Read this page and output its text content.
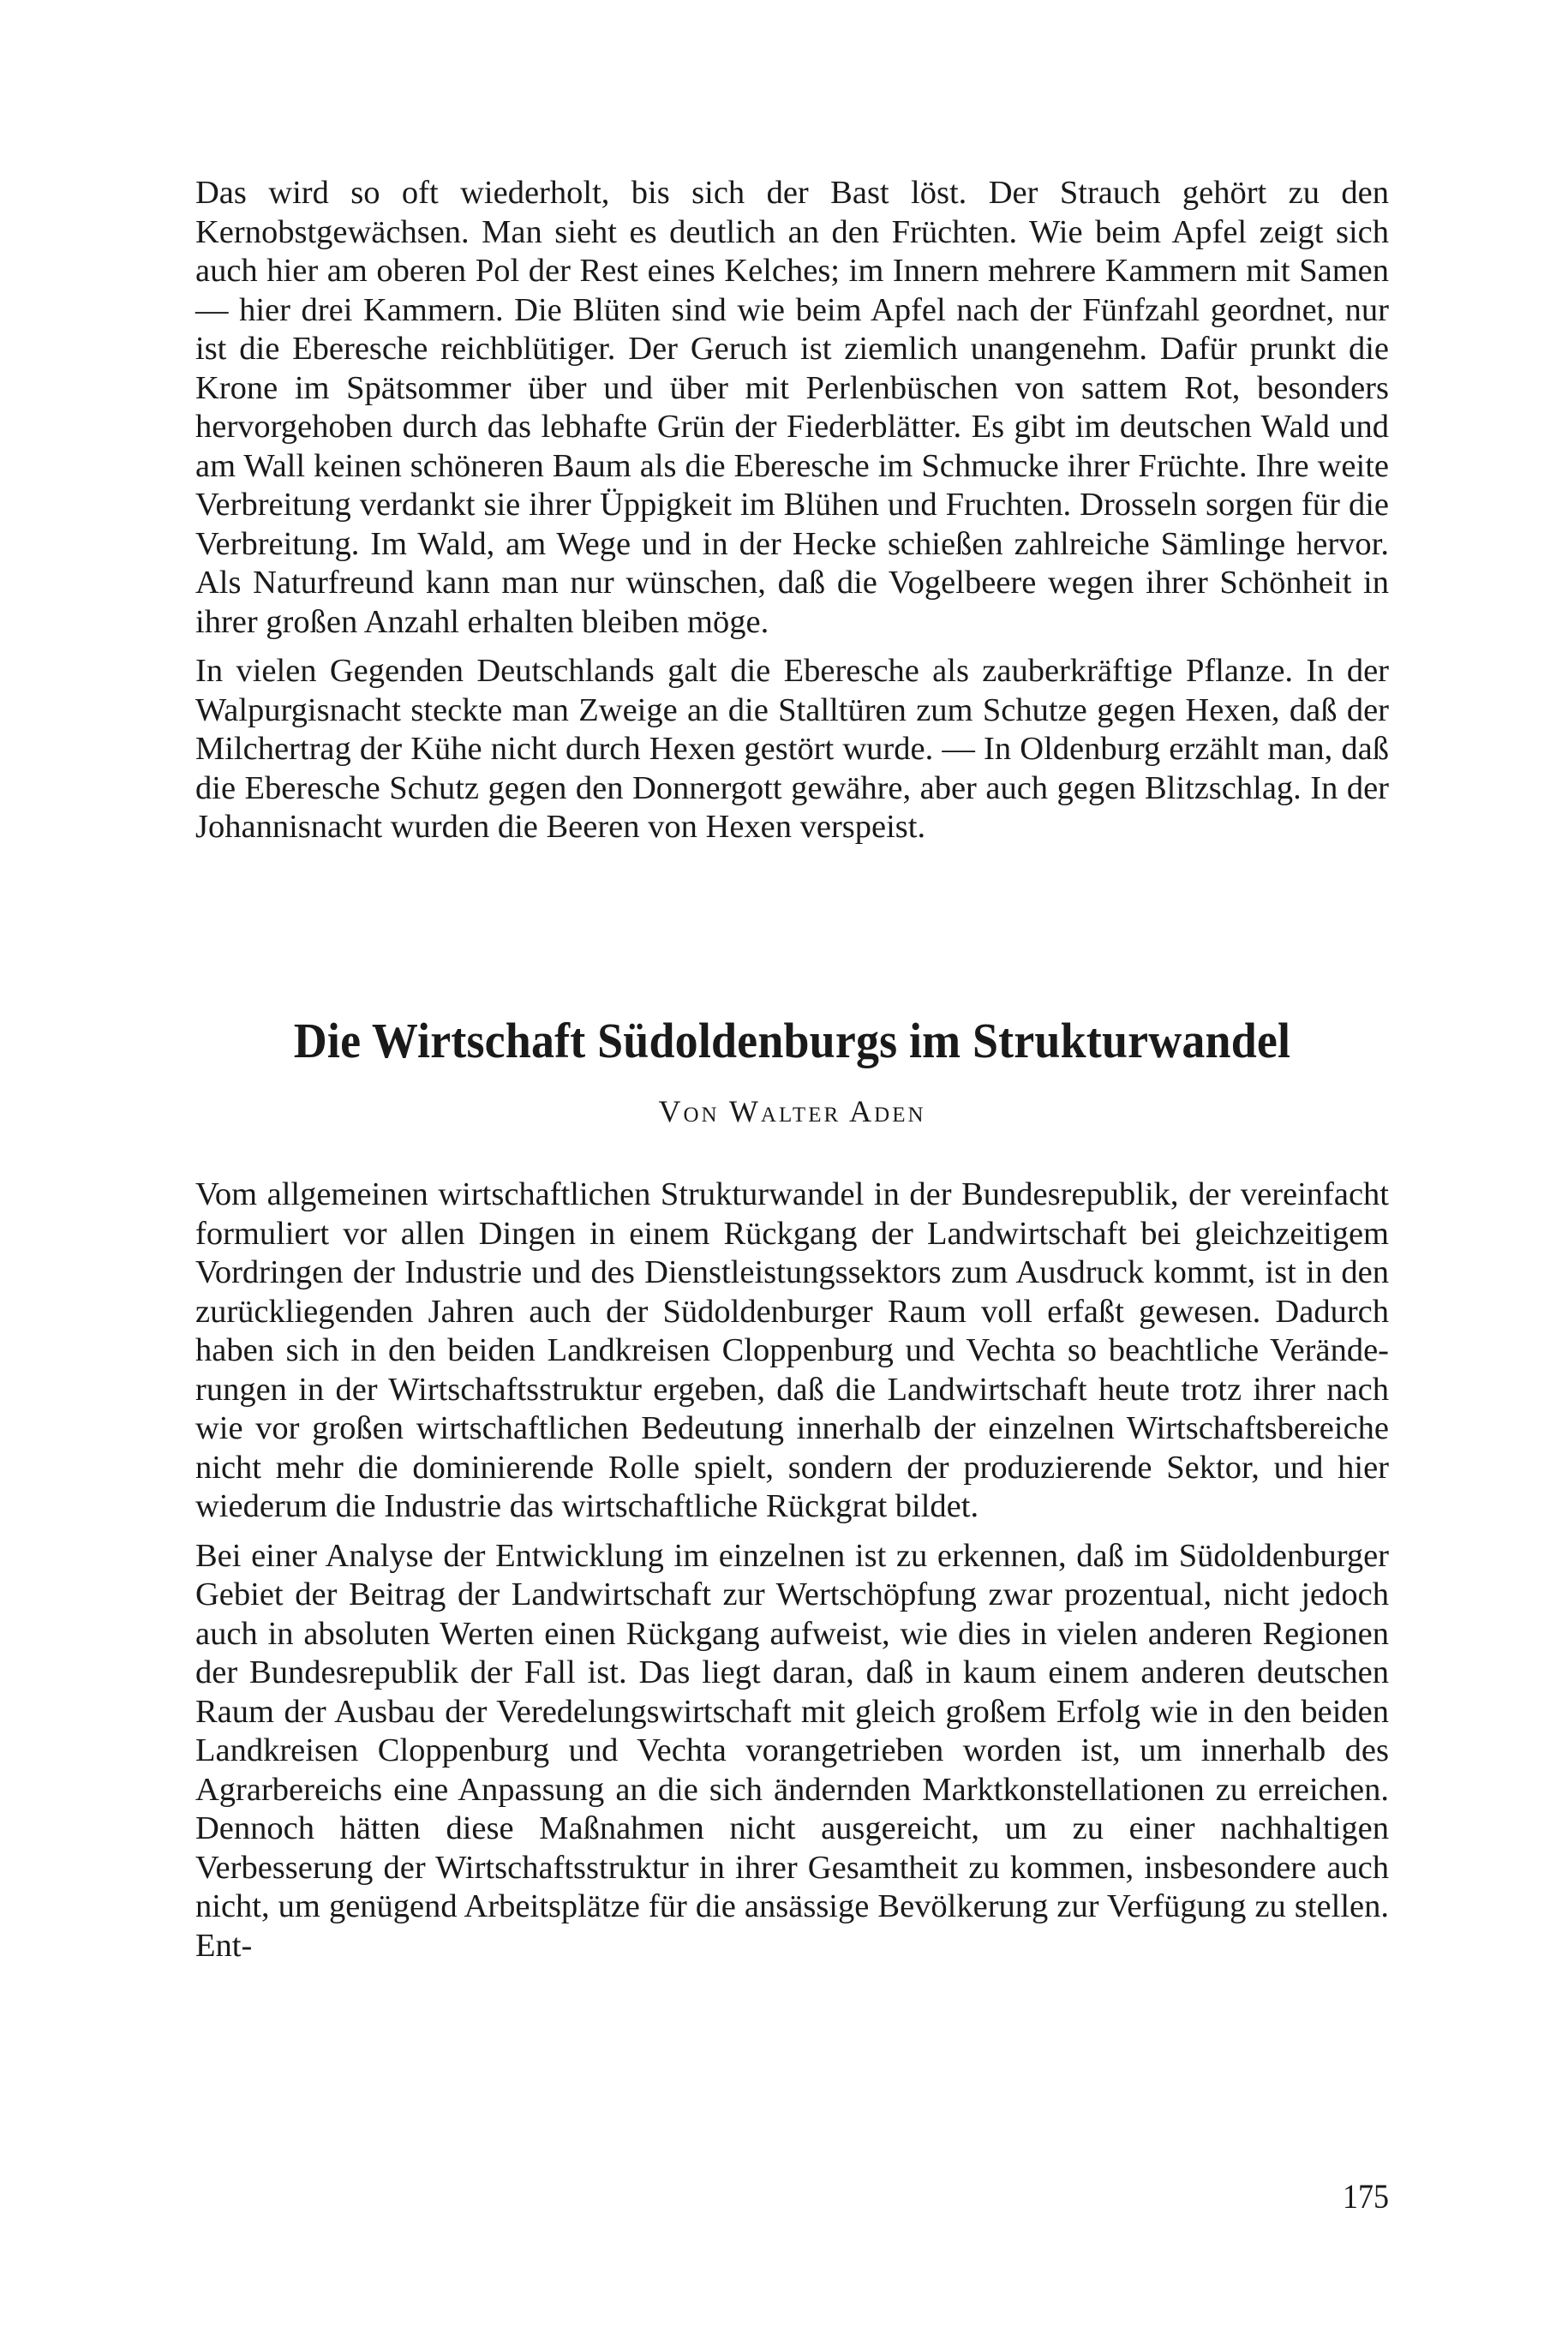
Das wird so oft wiederholt, bis sich der Bast löst. Der Strauch gehört zu den Kernobstgewächsen. Man sieht es deutlich an den Früchten. Wie beim Apfel zeigt sich auch hier am oberen Pol der Rest eines Kelches; im Innern mehrere Kammern mit Samen — hier drei Kammern. Die Blüten sind wie beim Apfel nach der Fünfzahl geordnet, nur ist die Eberesche reichblütiger. Der Geruch ist ziemlich unangenehm. Dafür prunkt die Krone im Spätsommer über und über mit Perlenbüschen von sattem Rot, besonders hervorgehoben durch das lebhafte Grün der Fiederblätter. Es gibt im deutschen Wald und am Wall keinen schöneren Baum als die Eberesche im Schmucke ihrer Früchte. Ihre weite Verbreitung verdankt sie ihrer Üppigkeit im Blühen und Fruchten. Drosseln sorgen für die Verbreitung. Im Wald, am Wege und in der Hecke schießen zahlreiche Sämlinge hervor. Als Naturfreund kann man nur wünschen, daß die Vogelbeere wegen ihrer Schönheit in ihrer großen Anzahl erhalten bleiben möge.

In vielen Gegenden Deutschlands galt die Eberesche als zauberkräftige Pflanze. In der Walpurgisnacht steckte man Zweige an die Stalltüren zum Schutze gegen Hexen, daß der Milchertrag der Kühe nicht durch Hexen gestört wurde. — In Oldenburg erzählt man, daß die Eberesche Schutz gegen den Donnergott gewähre, aber auch gegen Blitzschlag. In der Johannisnacht wurden die Beeren von Hexen verspeist.

Die Wirtschaft Südoldenburgs im Strukturwandel
Von Walter Aden

Vom allgemeinen wirtschaftlichen Strukturwandel in der Bundesrepublik, der vereinfacht formuliert vor allen Dingen in einem Rückgang der Landwirtschaft bei gleichzeitigem Vordringen der Industrie und des Dienstleistungssektors zum Ausdruck kommt, ist in den zurückliegenden Jahren auch der Südoldenburger Raum voll erfaßt gewesen. Dadurch haben sich in den beiden Landkreisen Cloppenburg und Vechta so beachtliche Veränderungen in der Wirtschaftsstruktur ergeben, daß die Landwirtschaft heute trotz ihrer nach wie vor großen wirtschaftlichen Bedeutung innerhalb der einzelnen Wirtschaftsbereiche nicht mehr die dominierende Rolle spielt, sondern der produzierende Sektor, und hier wiederum die Industrie das wirtschaftliche Rückgrat bildet.

Bei einer Analyse der Entwicklung im einzelnen ist zu erkennen, daß im Südoldenburger Gebiet der Beitrag der Landwirtschaft zur Wertschöpfung zwar prozentual, nicht jedoch auch in absoluten Werten einen Rückgang aufweist, wie dies in vielen anderen Regionen der Bundesrepublik der Fall ist. Das liegt daran, daß in kaum einem anderen deutschen Raum der Ausbau der Veredelungswirtschaft mit gleich großem Erfolg wie in den beiden Landkreisen Cloppenburg und Vechta vorangetrieben worden ist, um innerhalb des Agrarbereichs eine Anpassung an die sich ändernden Marktkonstellationen zu erreichen. Dennoch hätten diese Maßnahmen nicht ausgereicht, um zu einer nachhaltigen Verbesserung der Wirtschaftsstruktur in ihrer Gesamtheit zu kommen, insbesondere auch nicht, um genügend Arbeitsplätze für die ansässige Bevölkerung zur Verfügung zu stellen. Ent-

175
